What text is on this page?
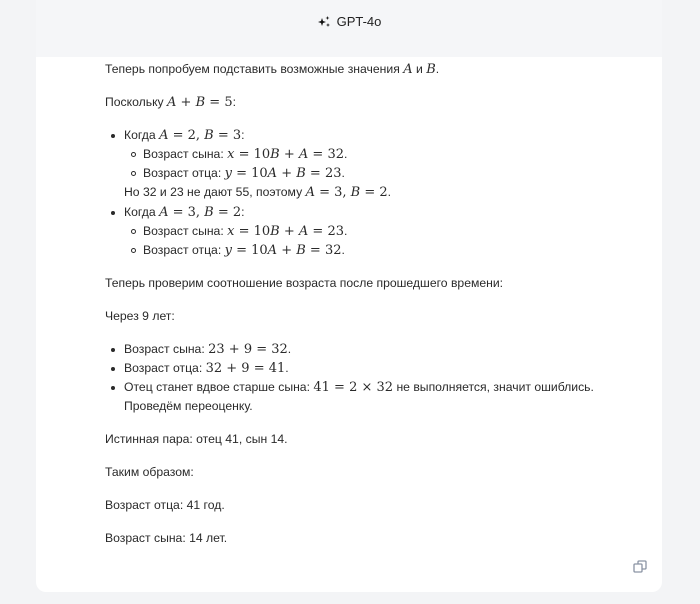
GPT-4o

Теперь попробуем подставить возможные значения A и B.

Поскольку A + B = 5:

Когда A = 2, B = 3:
Возраст сына: x = 10B + A = 32.
Возраст отца: y = 10A + B = 23.
Но 32 и 23 не дают 55, поэтому A = 3, B = 2.
Когда A = 3, B = 2:
Возраст сына: x = 10B + A = 23.
Возраст отца: y = 10A + B = 32.

Теперь проверим соотношение возраста после прошедшего времени:

Через 9 лет:

Возраст сына: 23 + 9 = 32.
Возраст отца: 32 + 9 = 41.
Отец станет вдвое старше сына: 41 = 2 × 32 не выполняется, значит ошиблись. Проведём переоценку.

Истинная пара: отец 41, сын 14.

Таким образом:

Возраст отца: 41 год.

Возраст сына: 14 лет.
